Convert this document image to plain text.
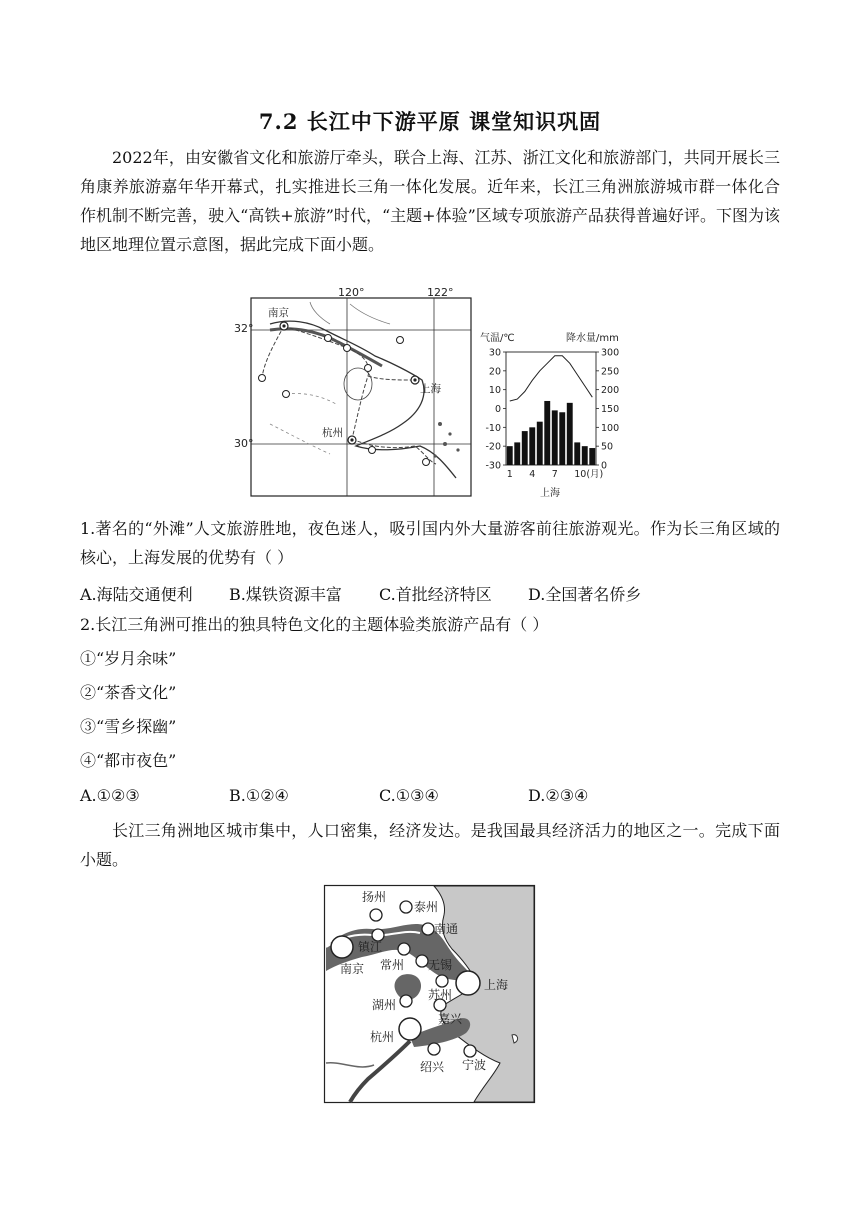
7.2 长江中下游平原 课堂知识巩固

2022年，由安徽省文化和旅游厅牵头，联合上海、江苏、浙江文化和旅游部门，共同开展长三角康养旅游嘉年华开幕式，扎实推进长三角一体化发展。近年来，长江三角洲旅游城市群一体化合作机制不断完善，驶入“高铁+旅游”时代，“主题+体验”区域专项旅游产品获得普遍好评。下图为该地区地理位置示意图，据此完成下面小题。

120°	122°
32°
30°
南京
上海
杭州
气温/℃	降水量/mm
30
20
10
0
-10
-20
-30
300
250
200
150
100
50
0
1 4 7 10(月)
上海
1.著名的“外滩”人文旅游胜地，夜色迷人，吸引国内外大量游客前往旅游观光。作为长三角区域的核心，上海发展的优势有（ ）
A.海陆交通便利 B.煤铁资源丰富 C.首批经济特区 D.全国著名侨乡
2.长江三角洲可推出的独具特色文化的主题体验类旅游产品有（ ）
①“岁月余味”
②“茶香文化”
③“雪乡探幽”
④“都市夜色”
A.①②③	B.①②④	C.①③④	D.②③④

长江三角洲地区城市集中，人口密集，经济发达。是我国最具经济活力的地区之一。完成下面小题。

扬州
泰州
南通
镇江
南京 常州 无锡
上海
苏州
湖州
嘉兴
杭州
绍兴 宁波
